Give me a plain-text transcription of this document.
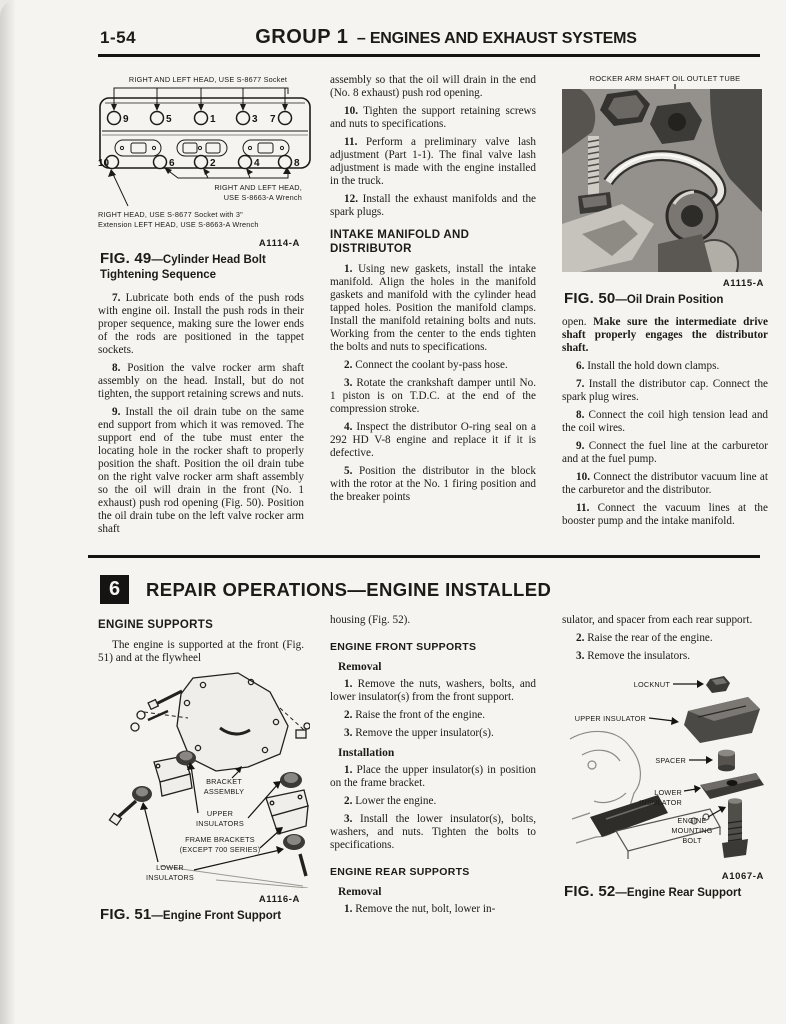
1-54	GROUP 1 – ENGINES AND EXHAUST SYSTEMS
RIGHT AND LEFT HEAD, USE S-8677 Socket
9	5	1	3 7
10	6	2	4	8
RIGHT AND LEFT HEAD,
USE S-8663-A Wrench
RIGHT HEAD, USE S-8677 Socket with 3"
Extension LEFT HEAD, USE S-8663-A Wrench
A1114-A
FIG. 49—Cylinder Head Bolt
Tightening Sequence

7. Lubricate both ends of the push rods with engine oil. Install the push rods in their proper sequence, making sure the lower ends of the rods are positioned in the tappet sockets.

8. Position the valve rocker arm shaft assembly on the head. Install, but do not tighten, the support retaining screws and nuts.

9. Install the oil drain tube on the same end support from which it was removed. The support end of the tube must enter the locating hole in the rocker shaft to properly position the shaft. Position the oil drain tube on the right valve rocker arm shaft assembly so the oil will drain in the front (No. 1 exhaust) push rod opening (Fig. 50). Position the oil drain tube on the left valve rocker arm shaft

assembly so that the oil will drain in the end (No. 8 exhaust) push rod opening.

10. Tighten the support retaining screws and nuts to specifications.

11. Perform a preliminary valve lash adjustment (Part 1-1). The final valve lash adjustment is made with the engine installed in the truck.

12. Install the exhaust manifolds and the spark plugs.

INTAKE MANIFOLD AND DISTRIBUTOR

1. Using new gaskets, install the intake manifold. Align the holes in the manifold gaskets and manifold with the cylinder head tapped holes. Position the manifold clamps. Install the manifold retaining bolts and nuts. Working from the center to the ends tighten the bolts and nuts to specifications.

2. Connect the coolant by-pass hose.

3. Rotate the crankshaft damper until No. 1 piston is on T.D.C. at the end of the compression stroke.

4. Inspect the distributor O-ring seal on a 292 HD V-8 engine and replace it if it is defective.

5. Position the distributor in the block with the rotor at the No. 1 firing position and the breaker points

ROCKER ARM SHAFT OIL OUTLET TUBE
A1115-A
FIG. 50—Oil Drain Position

open. Make sure the intermediate drive shaft properly engages the distributor shaft.

6. Install the hold down clamps.

7. Install the distributor cap. Connect the spark plug wires.

8. Connect the coil high tension lead and the coil wires.

9. Connect the fuel line at the carburetor and at the fuel pump.

10. Connect the distributor vacuum line at the carburetor and the distributor.

11. Connect the vacuum lines at the booster pump and the intake manifold.

6	REPAIR OPERATIONS—ENGINE INSTALLED
ENGINE SUPPORTS

The engine is supported at the front (Fig. 51) and at the flywheel

BRACKET
ASSEMBLY
UPPER
INSULATORS
FRAME BRACKETS
(EXCEPT 700 SERIES)
LOWER
INSULATORS
A1116-A
FIG. 51—Engine Front Support

housing (Fig. 52).

ENGINE FRONT SUPPORTS
Removal

1. Remove the nuts, washers, bolts, and lower insulator(s) from the front support.

2. Raise the front of the engine.

3. Remove the upper insulator(s).

Installation

1. Place the upper insulator(s) in position on the frame bracket.

2. Lower the engine.

3. Install the lower insulator(s), bolts, washers, and nuts. Tighten the bolts to specifications.

ENGINE REAR SUPPORTS
Removal

1. Remove the nut, bolt, lower in-

sulator, and spacer from each rear support.

2. Raise the rear of the engine.

3. Remove the insulators.

LOCKNUT
UPPER INSULATOR
SPACER
LOWER
INSULATOR
ENGINE
MOUNTING
BOLT
A1067-A
FIG. 52—Engine Rear Support
